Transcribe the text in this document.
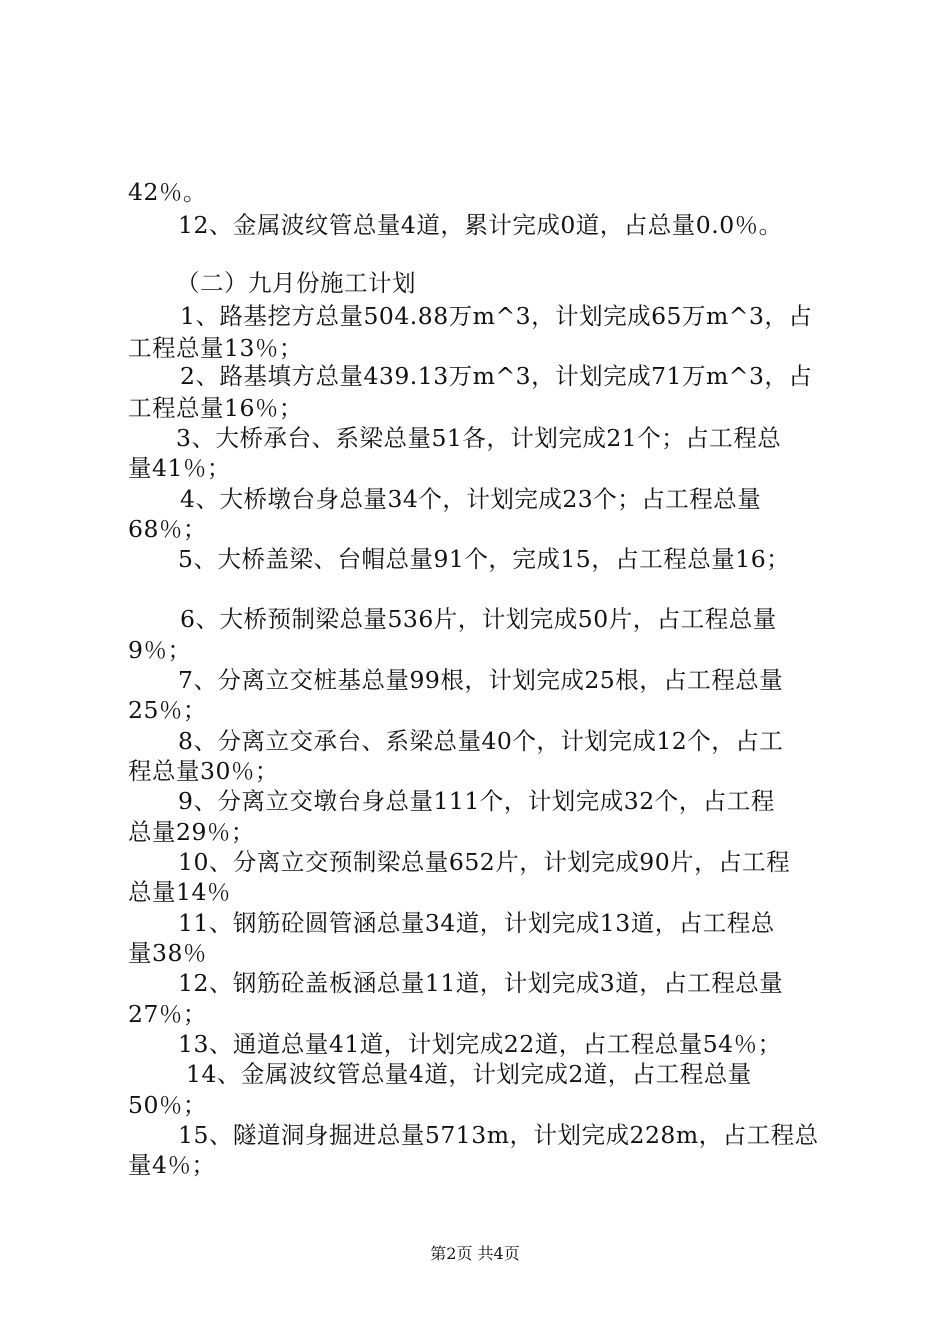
42％。
12、金属波纹管总量4道，累计完成0道，占总量0.0％。
（二）九月份施工计划
1、路基挖方总量504.88万m^3，计划完成65万m^3，占
工程总量13％；
2、路基填方总量439.13万m^3，计划完成71万m^3，占
工程总量16％；
3、大桥承台、系梁总量51各，计划完成21个；占工程总
量41％；
4、大桥墩台身总量34个，计划完成23个；占工程总量
68％；
5、大桥盖梁、台帽总量91个，完成15，占工程总量16；
6、大桥预制梁总量536片，计划完成50片，占工程总量
9％；
7、分离立交桩基总量99根，计划完成25根，占工程总量
25％；
8、分离立交承台、系梁总量40个，计划完成12个，占工
程总量30％；
9、分离立交墩台身总量111个，计划完成32个，占工程
总量29％；
10、分离立交预制梁总量652片，计划完成90片，占工程
总量14％
11、钢筋砼圆管涵总量34道，计划完成13道，占工程总
量38％
12、钢筋砼盖板涵总量11道，计划完成3道，占工程总量
27％；
13、通道总量41道，计划完成22道，占工程总量54％；
14、金属波纹管总量4道，计划完成2道，占工程总量
50％；
15、隧道洞身掘进总量5713m，计划完成228m，占工程总
量4％；
第2页 共4页
